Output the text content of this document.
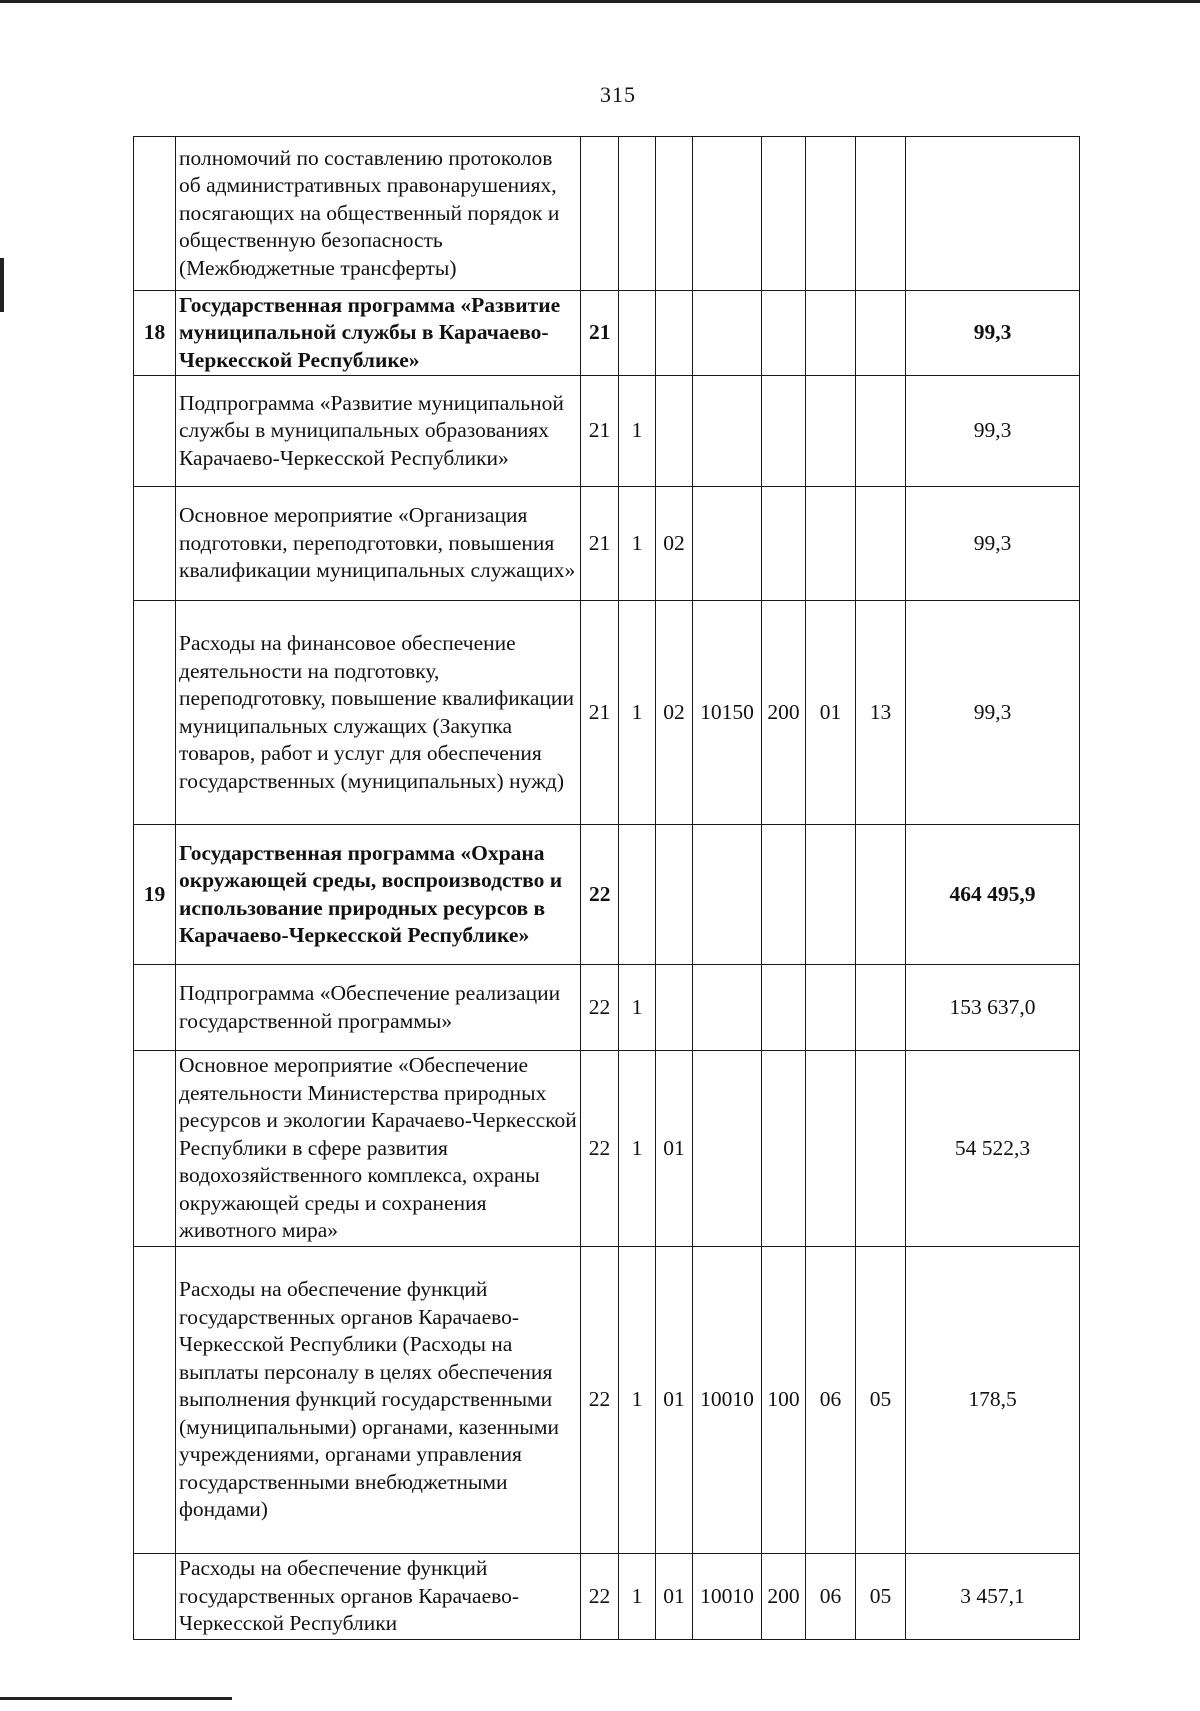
315
	полномочий по составлению протоколов об административных правонарушениях, посягающих на общественный порядок и общественную безопасность (Межбюджетные трансферты)								
18	Государственная программа «Развитие муниципальной службы в Карачаево-Черкесской Республике»	21							99,3
	Подпрограмма «Развитие муниципальной службы в муниципальных образованиях Карачаево-Черкесской Республики»	21	1						99,3
	Основное мероприятие «Организация подготовки, переподготовки, повышения квалификации муниципальных служащих»	21	1	02					99,3
	Расходы на финансовое обеспечение деятельности на подготовку, переподготовку, повышение квалификации муниципальных служащих (Закупка товаров, работ и услуг для обеспечения государственных (муниципальных) нужд)	21	1	02	10150	200	01	13	99,3
19	Государственная программа «Охрана окружающей среды, воспроизводство и использование природных ресурсов в Карачаево-Черкесской Республике»	22							464 495,9
	Подпрограмма «Обеспечение реализации государственной программы»	22	1						153 637,0
	Основное мероприятие «Обеспечение деятельности Министерства природных ресурсов и экологии Карачаево-Черкесской Республики в сфере развития водохозяйственного комплекса, охраны окружающей среды и сохранения животного мира»	22	1	01					54 522,3
	Расходы на обеспечение функций государственных органов Карачаево-Черкесской Республики (Расходы на выплаты персоналу в целях обеспечения выполнения функций государственными (муниципальными) органами, казенными учреждениями, органами управления государственными внебюджетными фондами)	22	1	01	10010	100	06	05	178,5
	Расходы на обеспечение функций государственных органов Карачаево-Черкесской Республики	22	1	01	10010	200	06	05	3 457,1
